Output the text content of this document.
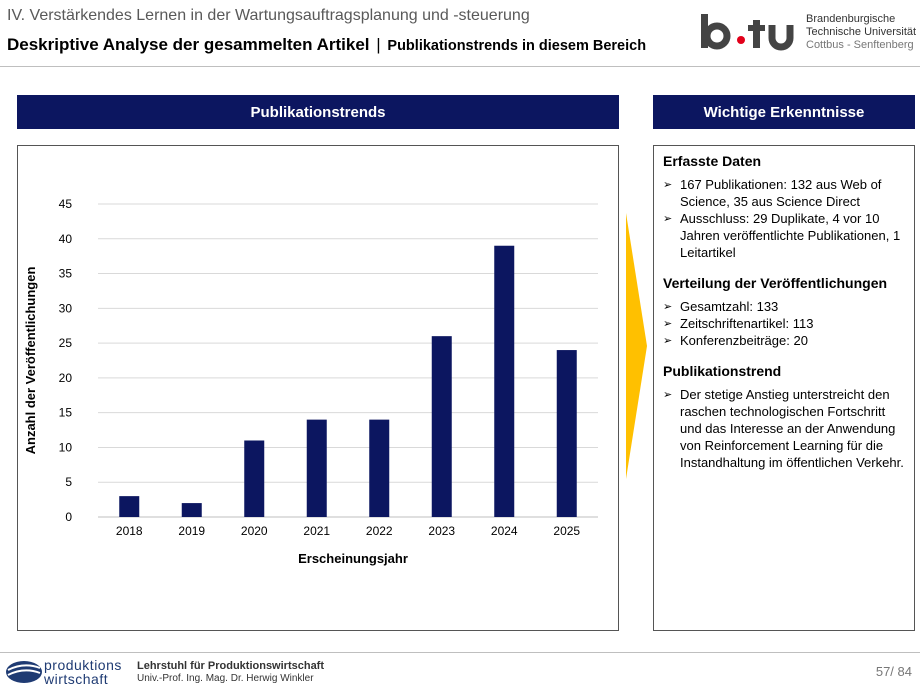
IV. Verstärkendes Lernen in der Wartungsauftragsplanung und -steuerung
Deskriptive Analyse der gesammelten Artikel | Publikationstrends in diesem Bereich
Brandenburgische
Technische Universität
Cottbus - Senftenberg
Publikationstrends	Wichtige Erkenntnisse
0
5
10
15
20
25
30
35
40
45
2018	2019	2020	2021	2022	2023	2024	2025
Erscheinungsjahr
Anzahl der Veröffentlichungen
Erfasste Daten
➢ 167 Publikationen: 132 aus Web of Science, 35 aus Science Direct
➢ Ausschluss: 29 Duplikate, 4 vor 10 Jahren veröffentlichte Publikationen, 1 Leitartikel
Verteilung der Veröffentlichungen
➢ Gesamtzahl: 133
➢ Zeitschriftenartikel: 113
➢ Konferenzbeiträge: 20
Publikationstrend
➢ Der stetige Anstieg unterstreicht den raschen technologischen Fortschritt und das Interesse an der Anwendung von Reinforcement Learning für die Instandhaltung im öffentlichen Verkehr.
produktions
wirtschaft
Lehrstuhl für Produktionswirtschaft
Univ.-Prof. Ing. Mag. Dr. Herwig Winkler	57/ 84
